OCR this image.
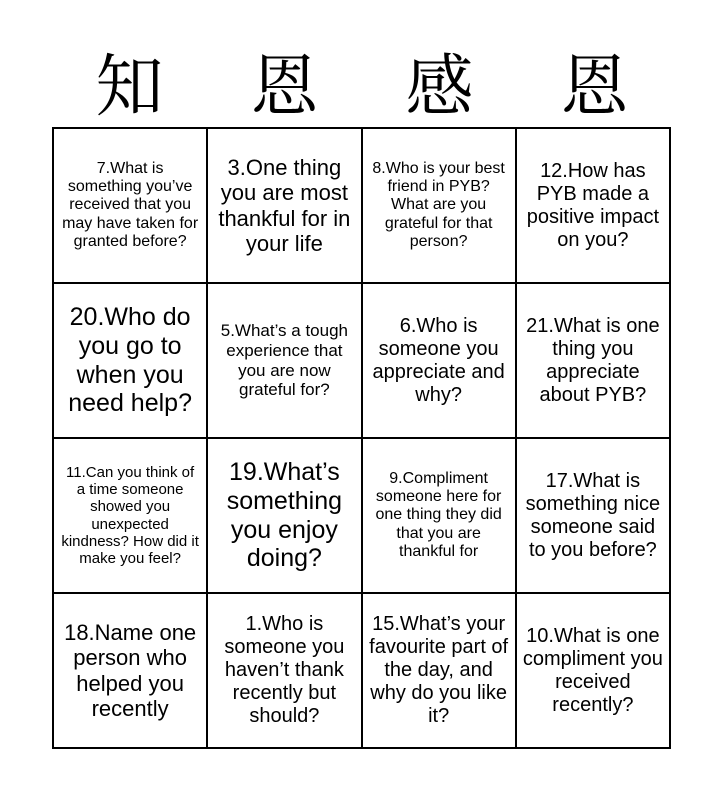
知	恩	感	恩
7.What is something you’ve received that you may have taken for granted before?	3.One thing you are most thankful for in your life	8.Who is your best friend in PYB? What are you grateful for that person?	12.How has PYB made a positive impact on you?
20.Who do you go to when you need help?	5.What’s a tough experience that you are now grateful for?	6.Who is someone you appreciate and why?	21.What is one thing you appreciate about PYB?
11.Can you think of a time someone showed you unexpected kindness? How did it make you feel?	19.What’s something you enjoy doing?	9.Compliment someone here for one thing they did that you are thankful for	17.What is something nice someone said to you before?
18.Name one person who helped you recently	1.Who is someone you haven’t thank recently but should?	15.What’s your favourite part of the day, and why do you like it?	10.What is one compliment you received recently?
